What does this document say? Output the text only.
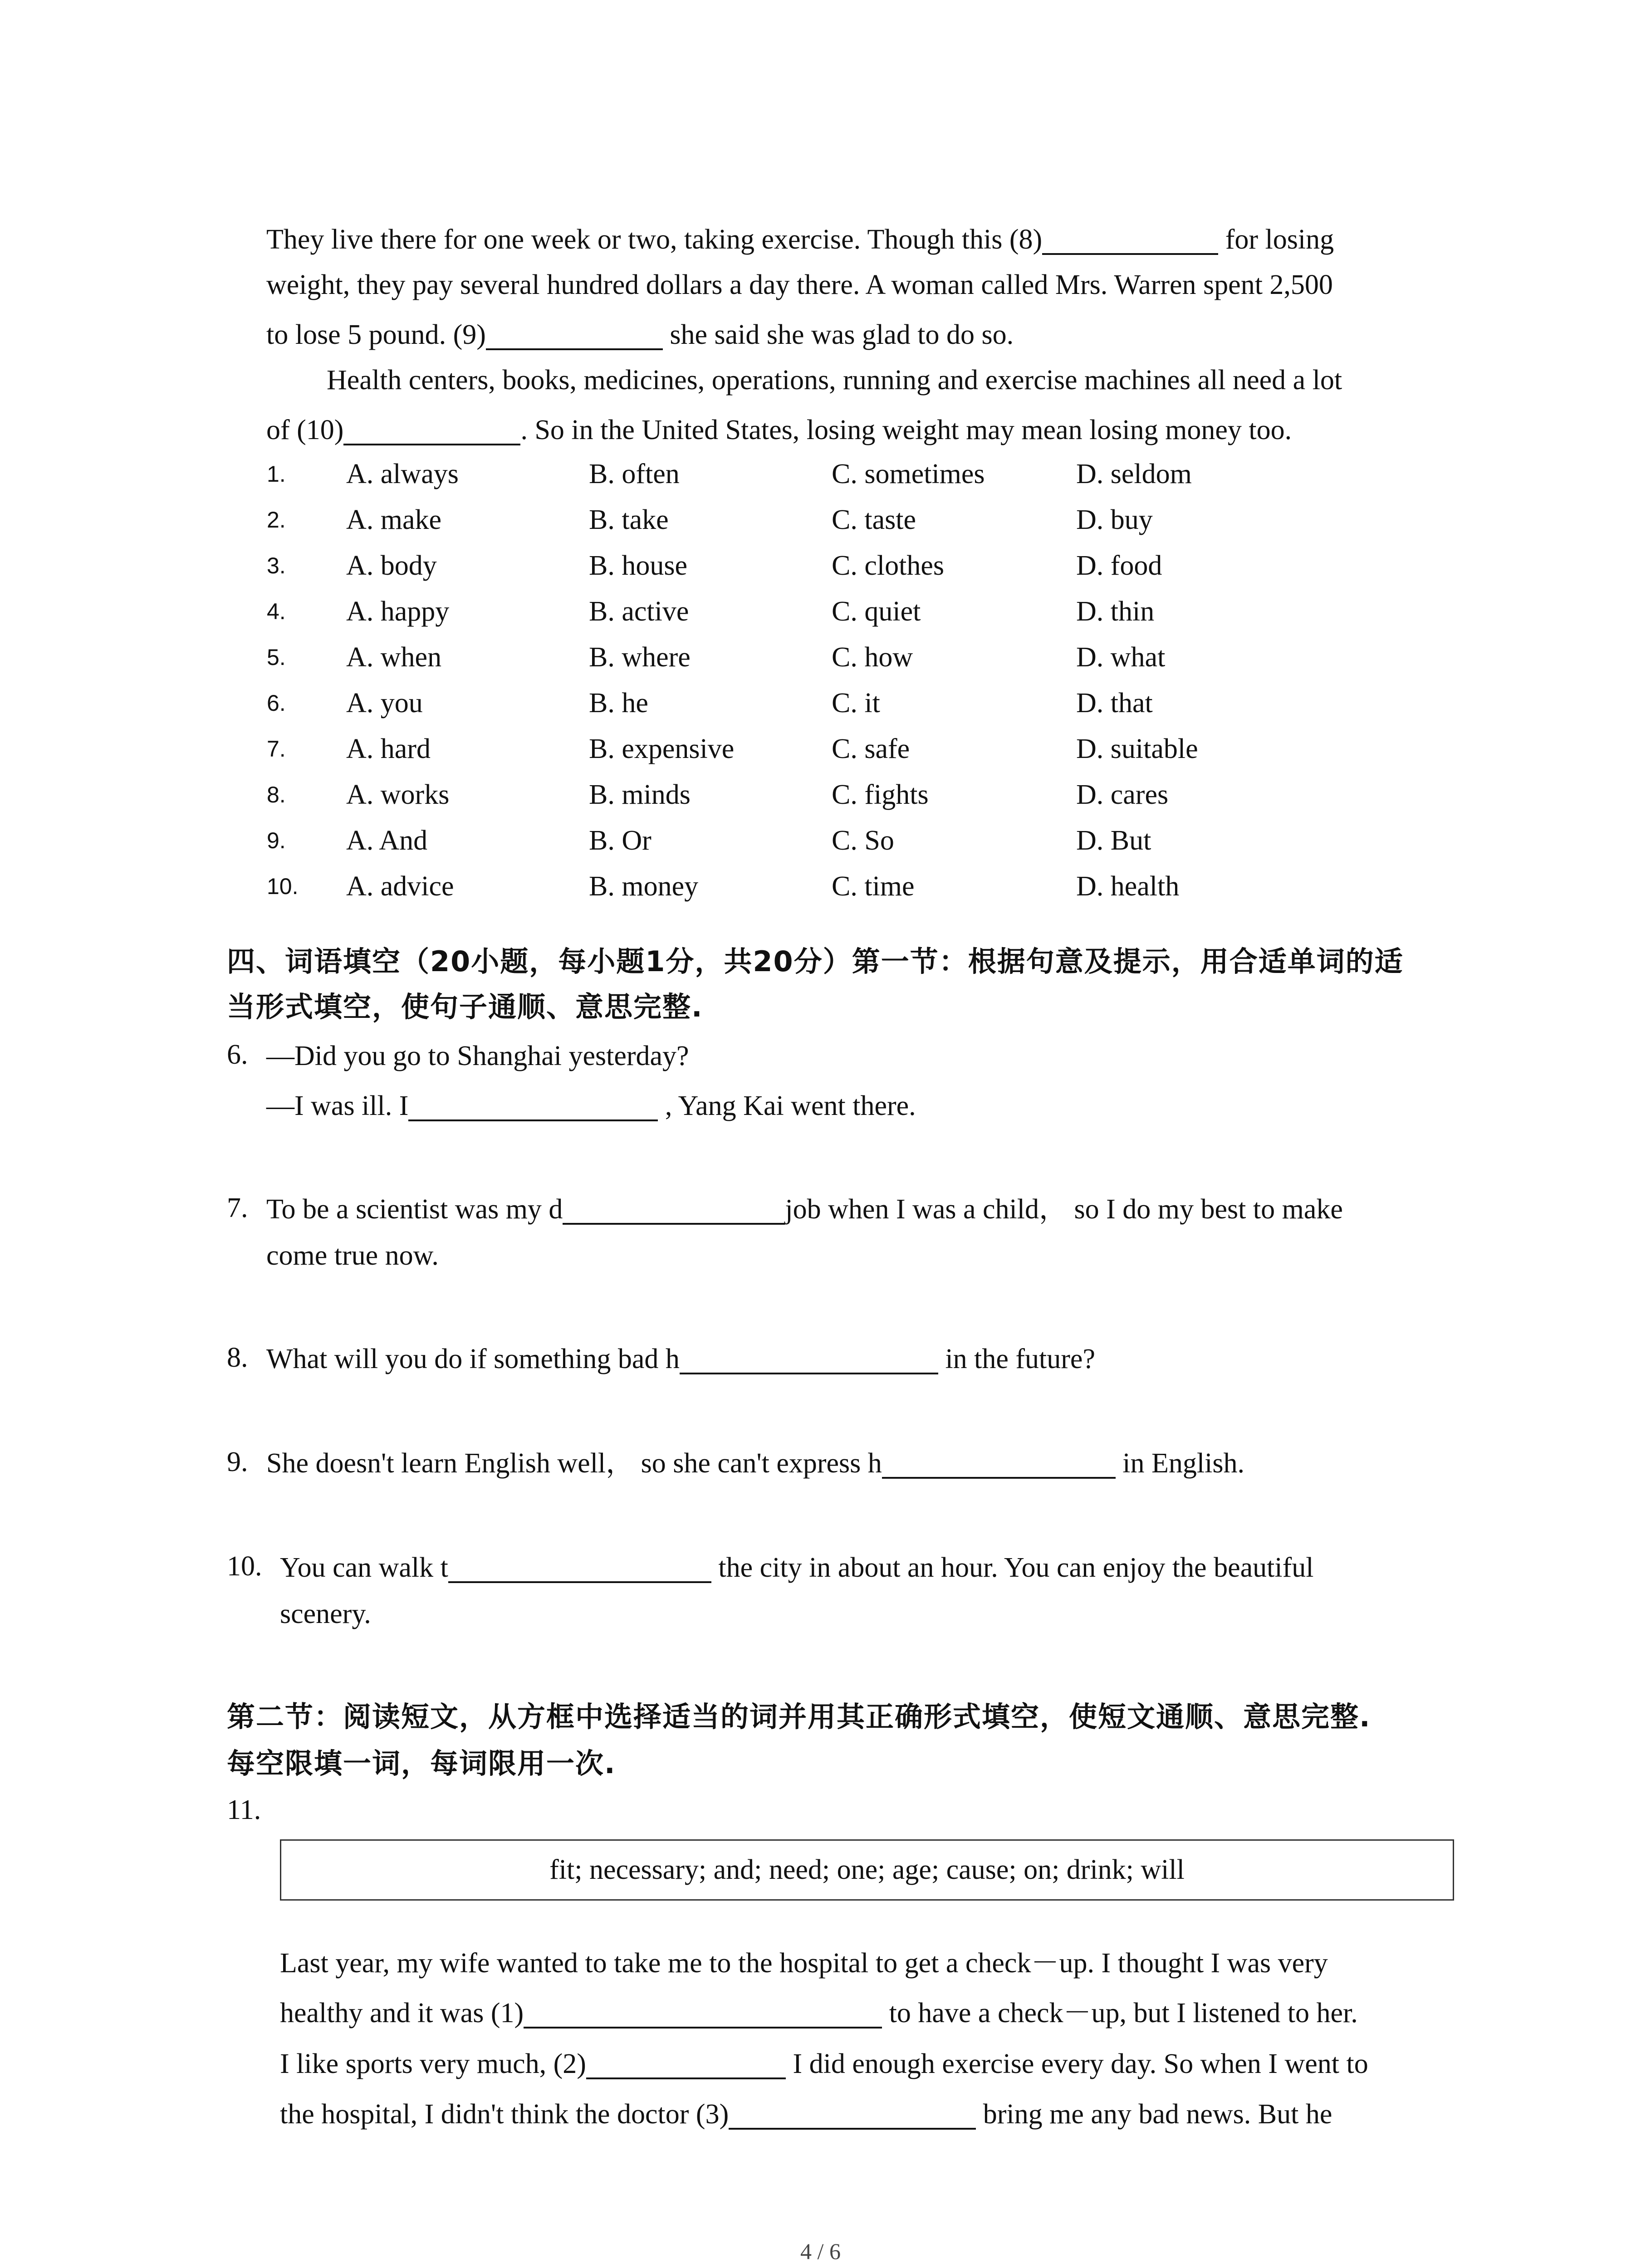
They live there for one week or two, taking exercise. Though this (8)	for losing
weight, they pay several hundred dollars a day there. A woman called Mrs. Warren spent 2,500
to lose 5 pound. (9)	she said she was glad to do so.
Health centers, books, medicines, operations, running and exercise machines all need a lot
of (10)	. So in the United States, losing weight may mean losing money too.
1. A. always	B. often	C. sometimes	D. seldom
2. A. make	B. take	C. taste	D. buy
3. A. body	B. house	C. clothes	D. food
4. A. happy	B. active	C. quiet	D. thin
5. A. when	B. where	C. how	D. what
6. A. you	B. he	C. it	D. that
7. A. hard	B. expensive	C. safe	D. suitable
8. A. works	B. minds	C. fights	D. cares
9. A. And	B. Or	C. So	D. But
10. A. advice	B. money	C. time	D. health
四、词语填空（20小题，每小题1分，共20分）第一节：根据句意及提示，用合适单词的适
当形式填空，使句子通顺、意思完整.
6. —Did you go to Shanghai yesterday?
—I was ill. I	, Yang Kai went there.
7. To be a scientist was my d	job when I was a child， so I do my best to make
come true now.
8. What will you do if something bad h	in the future?
9. She doesn't learn English well， so she can't express h	in English.
10. You can walk t	the city in about an hour. You can enjoy the beautiful
scenery.
第二节：阅读短文，从方框中选择适当的词并用其正确形式填空，使短文通顺、意思完整.
每空限填一词，每词限用一次.
11.
fit; necessary; and; need; one; age; cause; on; drink; will
Last year, my wife wanted to take me to the hospital to get a check－up. I thought I was very
healthy and it was (1)	to have a check－up, but I listened to her.
I like sports very much, (2)	I did enough exercise every day. So when I went to
the hospital, I didn't think the doctor (3)	bring me any bad news. But he
4 / 6
